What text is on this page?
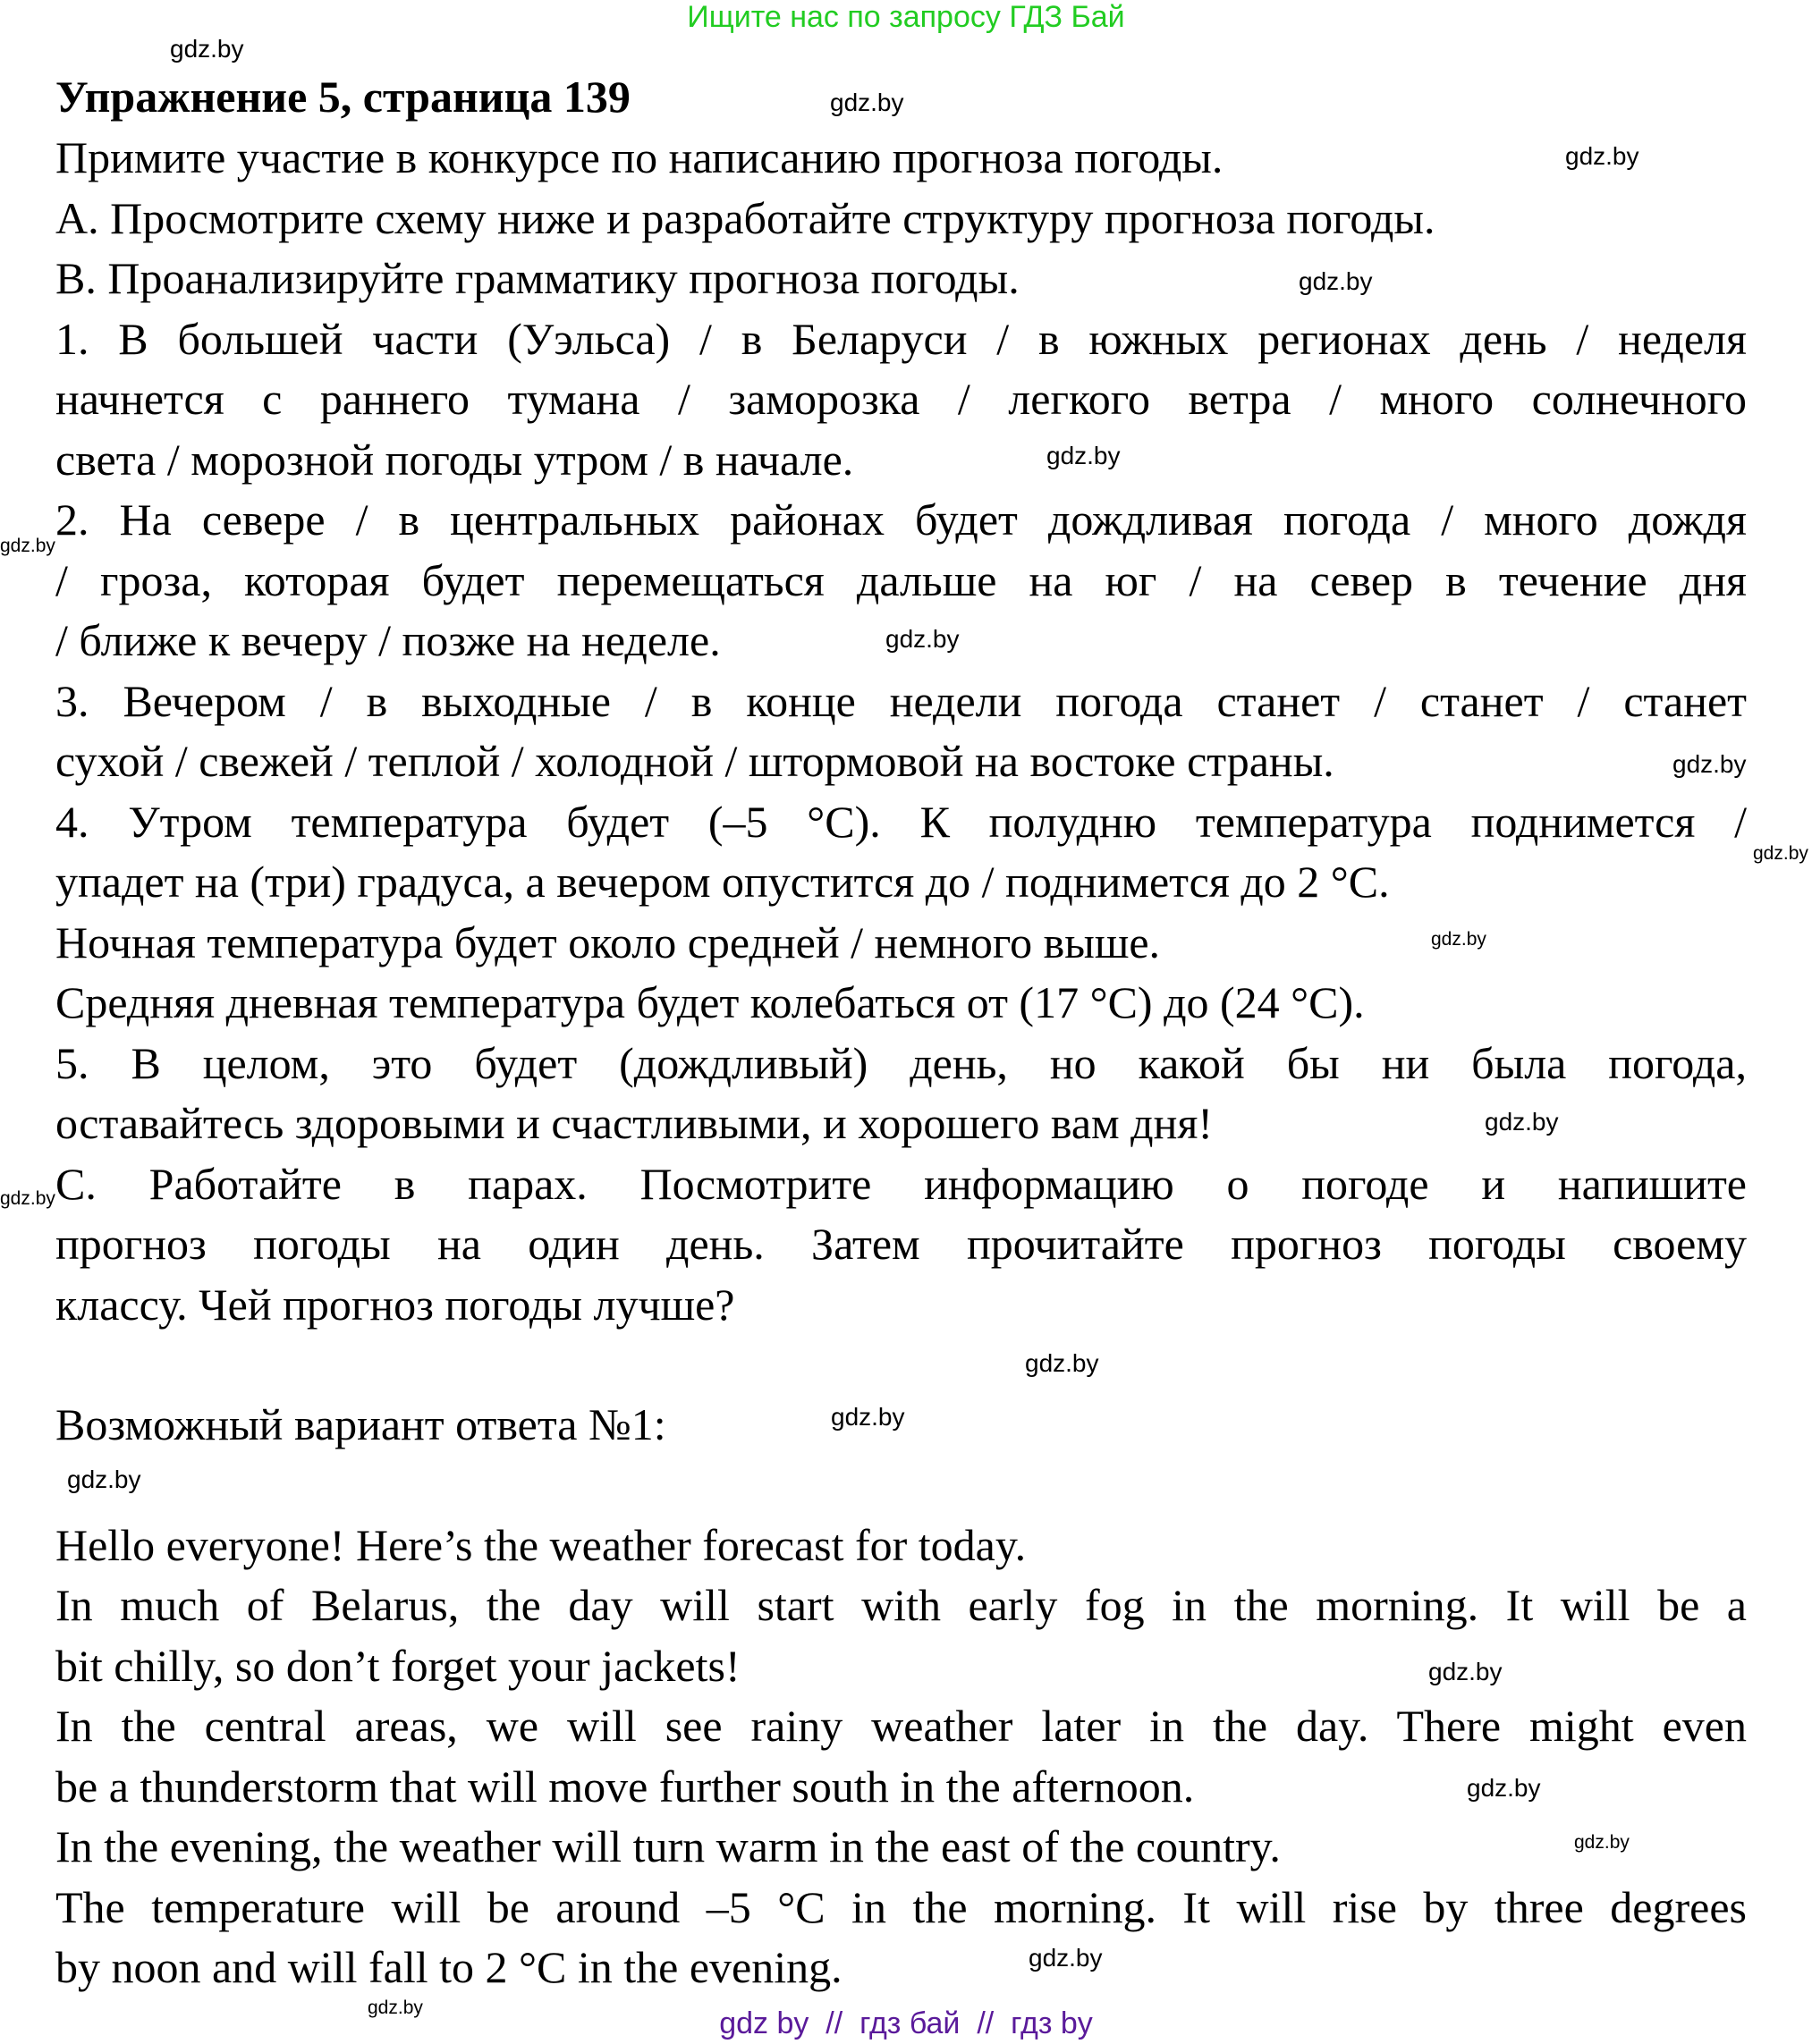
Ищите нас по запросу ГДЗ Бай
Упражнение 5, страница 139
Примите участие в конкурсе по написанию прогноза погоды.
А. Просмотрите схему ниже и разработайте структуру прогноза погоды.
В. Проанализируйте грамматику прогноза погоды.
1. В большей части (Уэльса) / в Беларуси / в южных регионах день / неделя
начнется с раннего тумана / заморозка / легкого ветра / много солнечного
света / морозной погоды утром / в начале.
2. На севере / в центральных районах будет дождливая погода / много дождя
/ гроза, которая будет перемещаться дальше на юг / на север в течение дня
/ ближе к вечеру / позже на неделе.
3. Вечером / в выходные / в конце недели погода станет / станет / станет
сухой / свежей / теплой / холодной / штормовой на востоке страны.
4. Утром температура будет (–5 °C). К полудню температура поднимется /
упадет на (три) градуса, а вечером опустится до / поднимется до 2 °C.
Ночная температура будет около средней / немного выше.
Средняя дневная температура будет колебаться от (17 °C) до (24 °C).
5. В целом, это будет (дождливый) день, но какой бы ни была погода,
оставайтесь здоровыми и счастливыми, и хорошего вам дня!
С. Работайте в парах. Посмотрите информацию о погоде и напишите
прогноз погоды на один день. Затем прочитайте прогноз погоды своему
классу. Чей прогноз погоды лучше?
Возможный вариант ответа №1:
Hello everyone! Here’s the weather forecast for today.
In much of Belarus, the day will start with early fog in the morning. It will be a
bit chilly, so don’t forget your jackets!
In the central areas, we will see rainy weather later in the day. There might even
be a thunderstorm that will move further south in the afternoon.
In the evening, the weather will turn warm in the east of the country.
The temperature will be around –5 °C in the morning. It will rise by three degrees
by noon and will fall to 2 °C in the evening.
gdz.by
gdz.by
gdz.by
gdz.by
gdz.by
gdz.by
gdz.by
gdz.by
gdz.by
gdz.by
gdz.by
gdz.by
gdz.by
gdz.by
gdz.by
gdz.by
gdz.by
gdz.by
gdz.by
gdz.by	gdz by  //  гдз бай  //  гдз by
